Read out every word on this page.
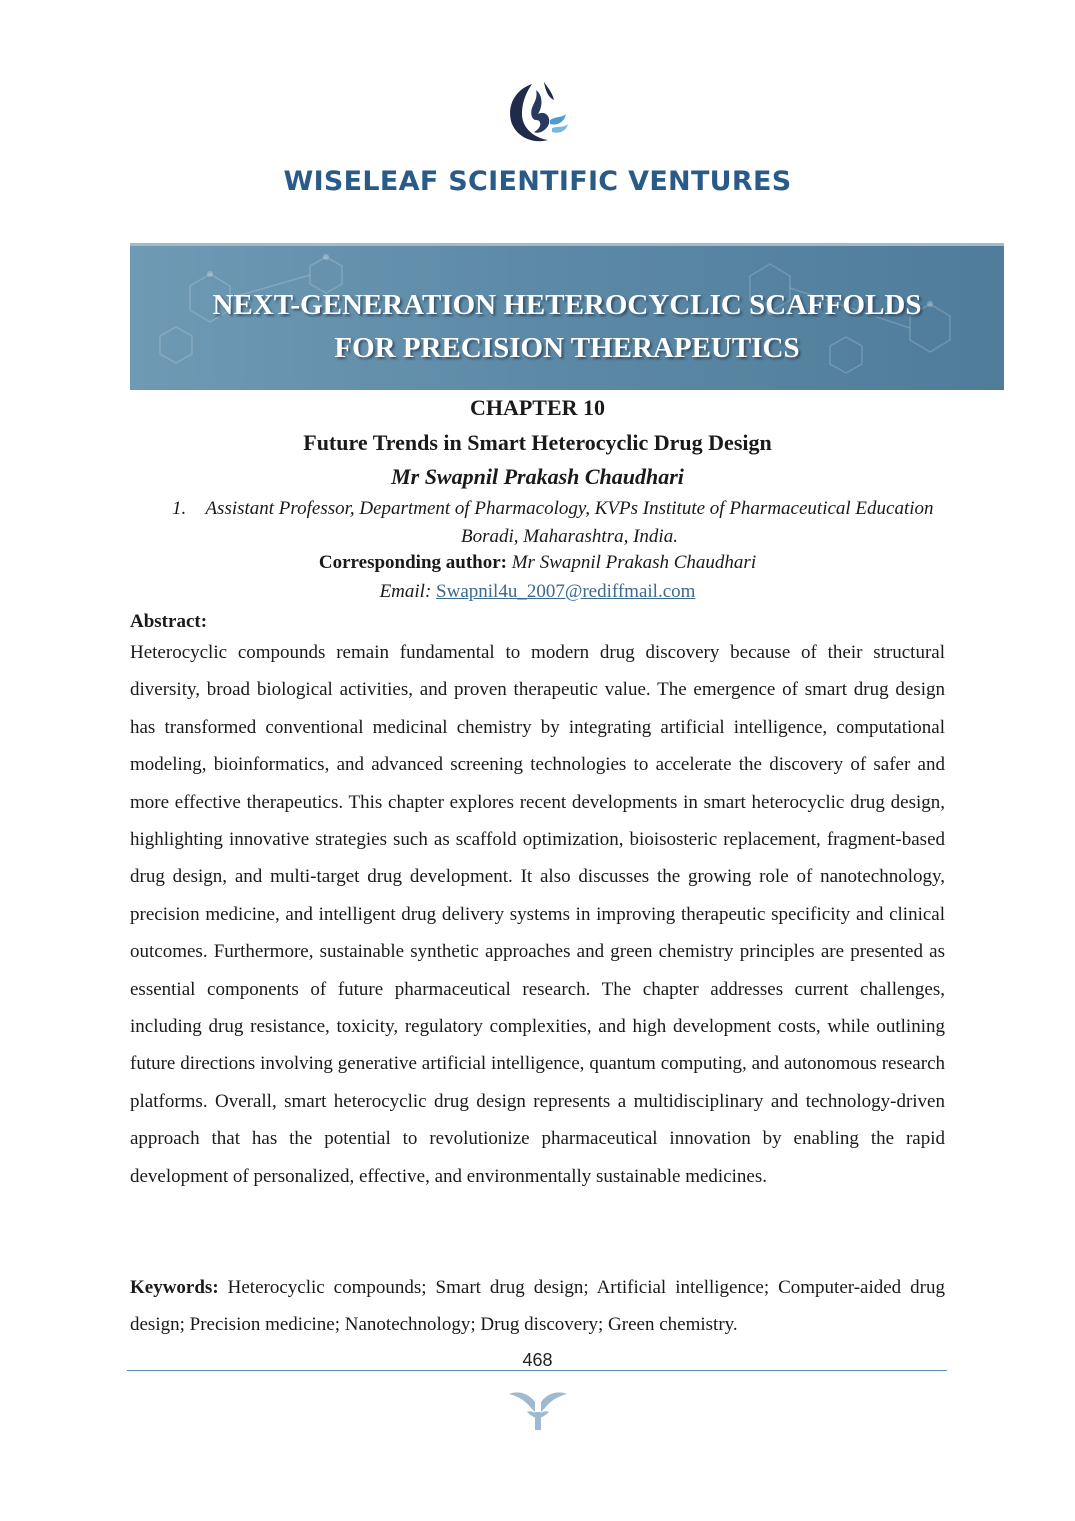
WISELEAF SCIENTIFIC VENTURES
NEXT-GENERATION HETEROCYCLIC SCAFFOLDS
FOR PRECISION THERAPEUTICS
CHAPTER 10
Future Trends in Smart Heterocyclic Drug Design
Mr Swapnil Prakash Chaudhari
1. Assistant Professor, Department of Pharmacology, KVPs Institute of Pharmaceutical Education Boradi, Maharashtra, India.
Corresponding author: Mr Swapnil Prakash Chaudhari
Email: Swapnil4u_2007@rediffmail.com
Abstract:
Heterocyclic compounds remain fundamental to modern drug discovery because of their structural diversity, broad biological activities, and proven therapeutic value. The emergence of smart drug design has transformed conventional medicinal chemistry by integrating artificial intelligence, computational modeling, bioinformatics, and advanced screening technologies to accelerate the discovery of safer and more effective therapeutics. This chapter explores recent developments in smart heterocyclic drug design, highlighting innovative strategies such as scaffold optimization, bioisosteric replacement, fragment-based drug design, and multi-target drug development. It also discusses the growing role of nanotechnology, precision medicine, and intelligent drug delivery systems in improving therapeutic specificity and clinical outcomes. Furthermore, sustainable synthetic approaches and green chemistry principles are presented as essential components of future pharmaceutical research. The chapter addresses current challenges, including drug resistance, toxicity, regulatory complexities, and high development costs, while outlining future directions involving generative artificial intelligence, quantum computing, and autonomous research platforms. Overall, smart heterocyclic drug design represents a multidisciplinary and technology-driven approach that has the potential to revolutionize pharmaceutical innovation by enabling the rapid development of personalized, effective, and environmentally sustainable medicines.
Keywords: Heterocyclic compounds; Smart drug design; Artificial intelligence; Computer-aided drug design; Precision medicine; Nanotechnology; Drug discovery; Green chemistry.
468
